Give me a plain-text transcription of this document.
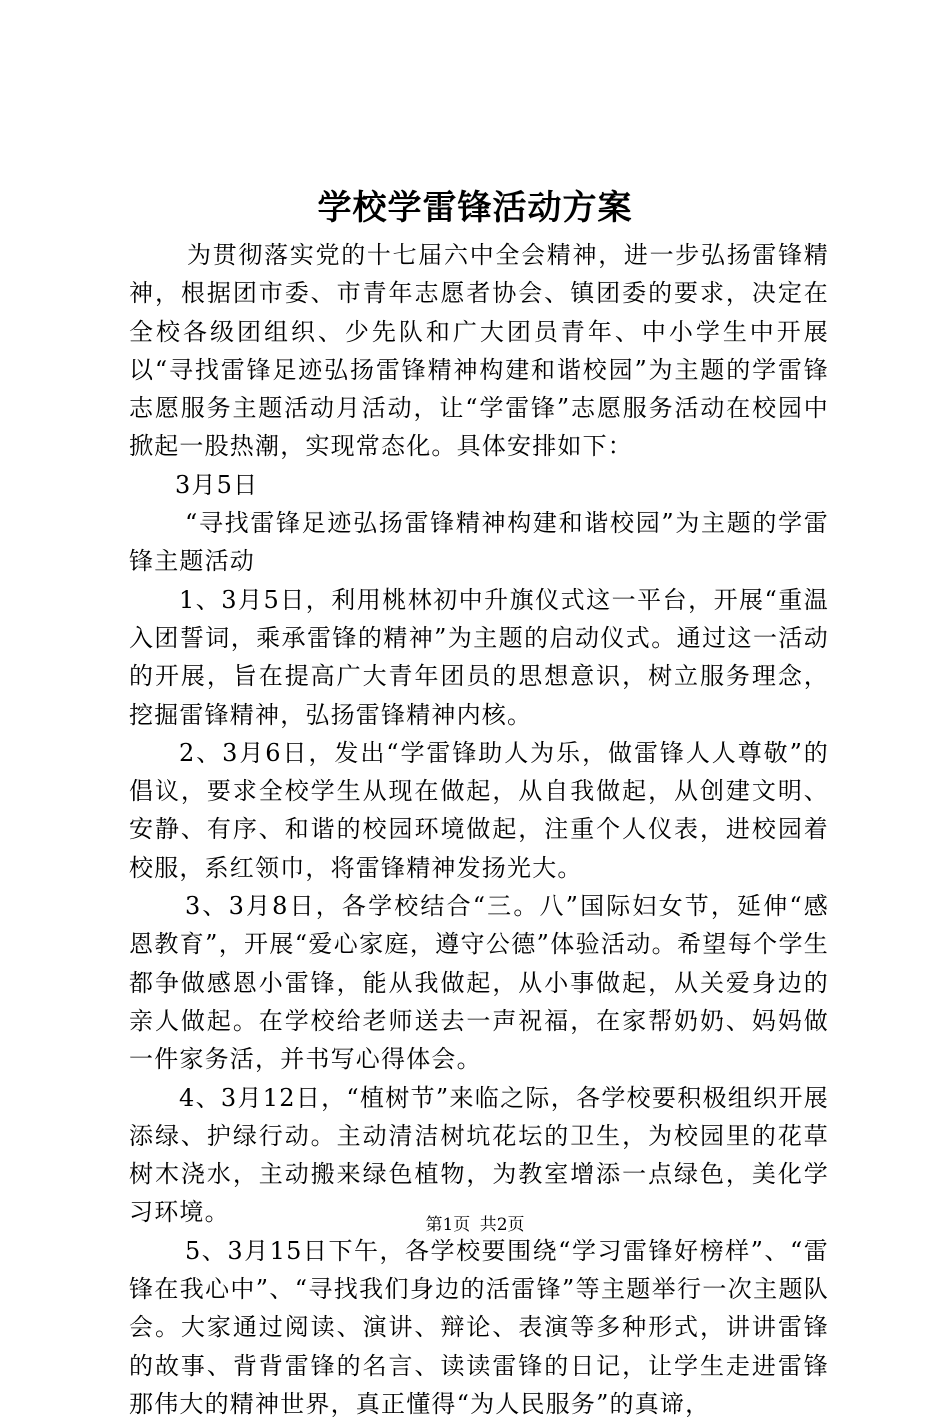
学校学雷锋活动方案

为贯彻落实党的十七届六中全会精神，进一步弘扬雷锋精神，根据团市委、市青年志愿者协会、镇团委的要求，决定在全校各级团组织、少先队和广大团员青年、中小学生中开展以“寻找雷锋足迹弘扬雷锋精神构建和谐校园”为主题的学雷锋志愿服务主题活动月活动，让“学雷锋”志愿服务活动在校园中掀起一股热潮，实现常态化。具体安排如下：

3月5日

“寻找雷锋足迹弘扬雷锋精神构建和谐校园”为主题的学雷锋主题活动

1、3月5日，利用桃林初中升旗仪式这一平台，开展“重温入团誓词，乘承雷锋的精神”为主题的启动仪式。通过这一活动的开展，旨在提高广大青年团员的思想意识，树立服务理念，挖掘雷锋精神，弘扬雷锋精神内核。

2、3月6日，发出“学雷锋助人为乐，做雷锋人人尊敬”的倡议，要求全校学生从现在做起，从自我做起，从创建文明、安静、有序、和谐的校园环境做起，注重个人仪表，进校园着校服，系红领巾，将雷锋精神发扬光大。

3、3月8日，各学校结合“三。八”国际妇女节，延伸“感恩教育”，开展“爱心家庭，遵守公德”体验活动。希望每个学生都争做感恩小雷锋，能从我做起，从小事做起，从关爱身边的亲人做起。在学校给老师送去一声祝福，在家帮奶奶、妈妈做一件家务活，并书写心得体会。

4、3月12日，“植树节”来临之际，各学校要积极组织开展添绿、护绿行动。主动清洁树坑花坛的卫生，为校园里的花草树木浇水，主动搬来绿色植物，为教室增添一点绿色，美化学习环境。

5、3月15日下午，各学校要围绕“学习雷锋好榜样”、“雷锋在我心中”、“寻找我们身边的活雷锋”等主题举行一次主题队会。大家通过阅读、演讲、辩论、表演等多种形式，讲讲雷锋的故事、背背雷锋的名言、读读雷锋的日记，让学生走进雷锋那伟大的精神世界，真正懂得“为人民服务”的真谛，

第1页 共2页
